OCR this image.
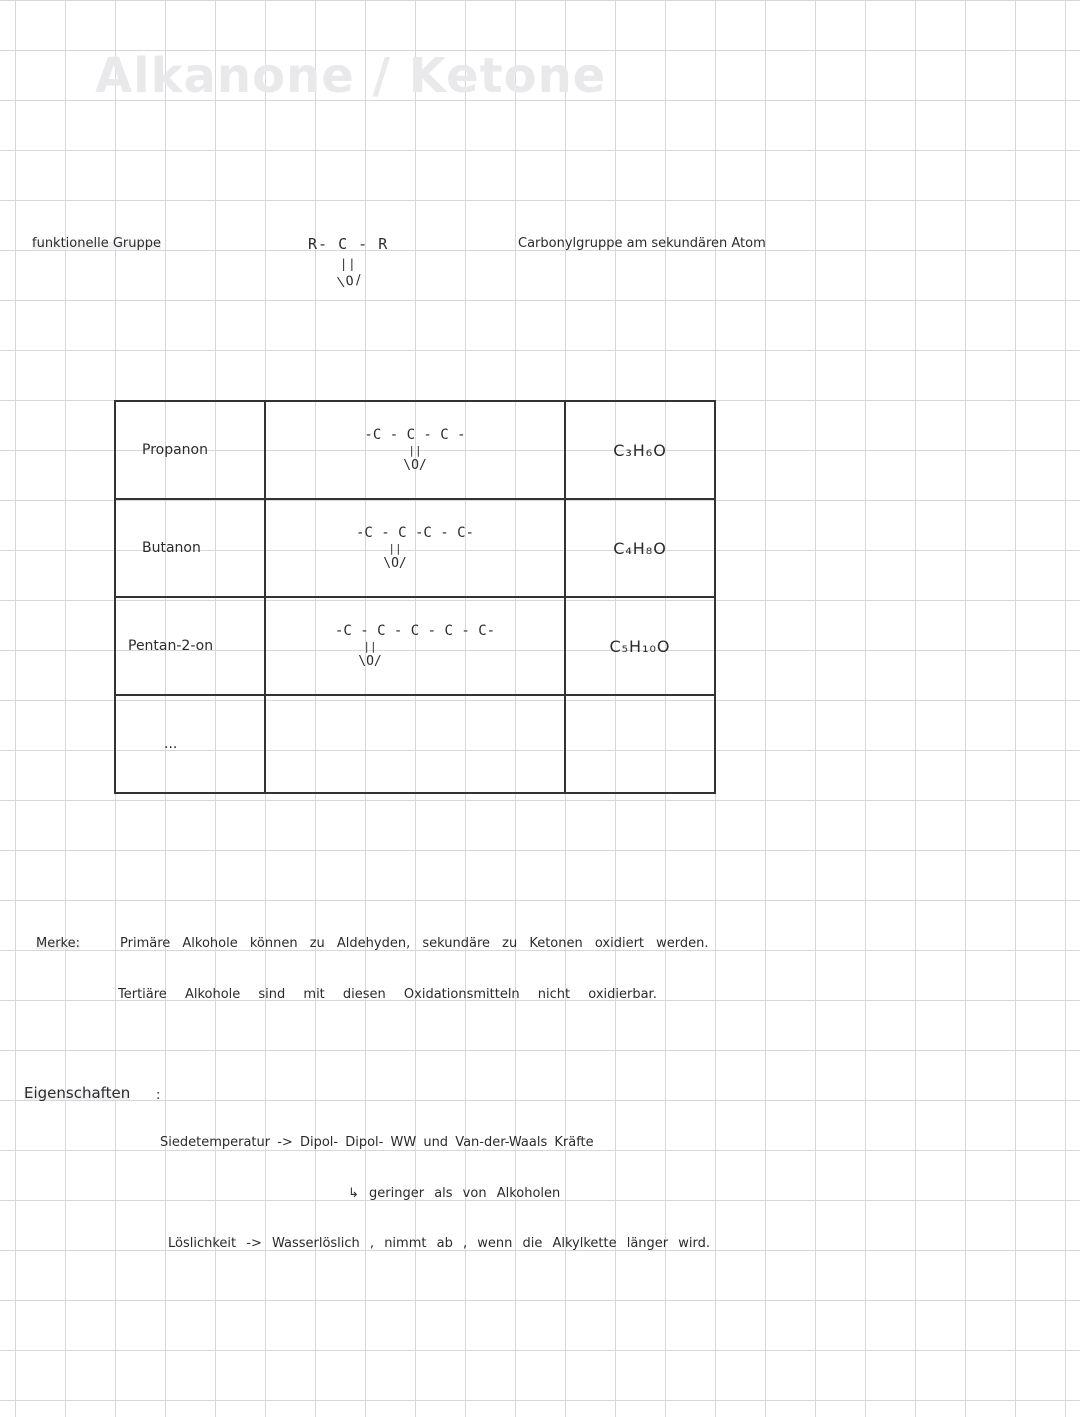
Alkanone / Ketone
funktionelle Gruppe	R- C - R
||
\O/
Carbonylgruppe am sekundären Atom
Propanon	-C - C - C -
||
\O/	C₃H₆O

Butanon	-C - C -C - C-
||
\O/	C₄H₈O

Pentan-2-on	-C - C - C - C - C-
||
\O/	C₅H₁₀O

...		

Merke:	Primäre Alkohole können zu Aldehyden, sekundäre zu Ketonen oxidiert werden.
Tertiäre Alkohole sind mit diesen Oxidationsmitteln nicht oxidierbar.
Eigenschaften :
Siedetemperatur -> Dipol- Dipol- WW und Van-der-Waals Kräfte
↳ geringer als von Alkoholen
Löslichkeit -> Wasserlöslich , nimmt ab , wenn die Alkylkette länger wird.
